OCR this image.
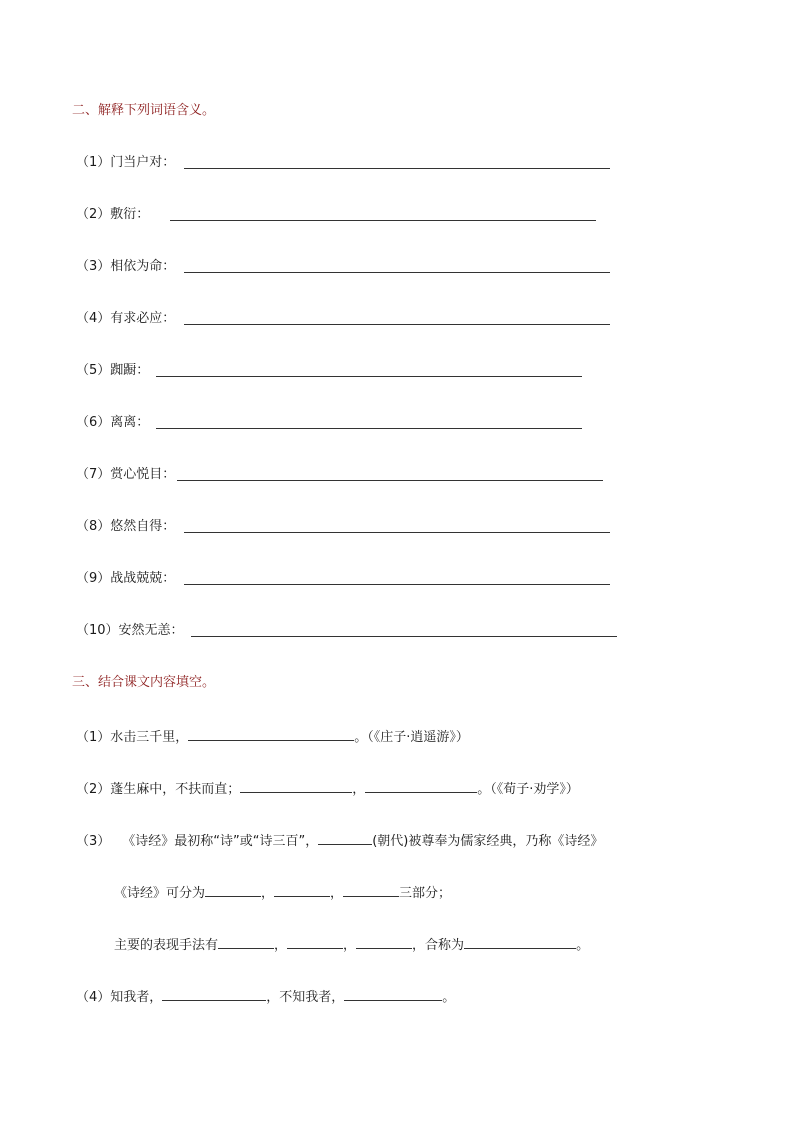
二、解释下列词语含义。
（1）门当户对：
（2）敷衍：
（3）相依为命：
（4）有求必应：
（5）踟蹰：
（6）离离：
（7）赏心悦目：
（8）悠然自得：
（9）战战兢兢：
（10）安然无恙：
三、结合课文内容填空。
（1）水击三千里，	。（《庄子·逍遥游》）
（2）蓬生麻中，不扶而直；	，	。（《荀子·劝学》）
（3） 《诗经》最初称“诗”或“诗三百”，	(朝代)被尊奉为儒家经典，乃称《诗经》
《诗经》可分为	，	，	三部分；
主要的表现手法有	，	，	，合称为	。
（4）知我者，	，不知我者，	。
